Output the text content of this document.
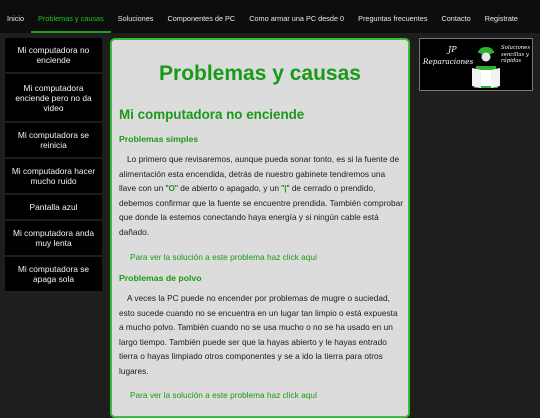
Inicio	Problemas y causas	Soluciones	Componentes de PC	Como armar una PC desde 0	Preguntas frecuentes	Contacto	Registrate
Mi computadora no enciende
Mi computadora enciende pero no da video
Mi computadora se reinicia
Mi computadora hacer mucho ruido
Pantalla azul
Mi computadora anda muy lenta
Mi computadora se apaga sola
Problemas y causas
Mi computadora no enciende
Problemas simples

Lo primero que revisaremos, aunque pueda sonar tonto, es si la fuente de alimentación esta encendida, detrás de nuestro gabinete tendremos una llave con un "O" de abierto o apagado, y un "|" de cerrado o prendido, debemos confirmar que la fuente se encuentre prendida. También comprobar que donde la estemos conectando haya energía y si ningún cable está dañado.

Para ver la solución a este problema haz click aquí
Problemas de polvo

A veces la PC puede no encender por problemas de mugre o suciedad, esto sucede cuando no se encuentra en un lugar tan limpio o está expuesta a mucho polvo. También cuando no se usa mucho o no se ha usado en un largo tiempo. También puede ser que la hayas abierto y le hayas entrado tierra o hayas limpiado otros componentes y se a ido la tierra para otros lugares.

Para ver la solución a este problema haz click aquí
JP
Reparaciones
Soluciones sencillas y rápidas
